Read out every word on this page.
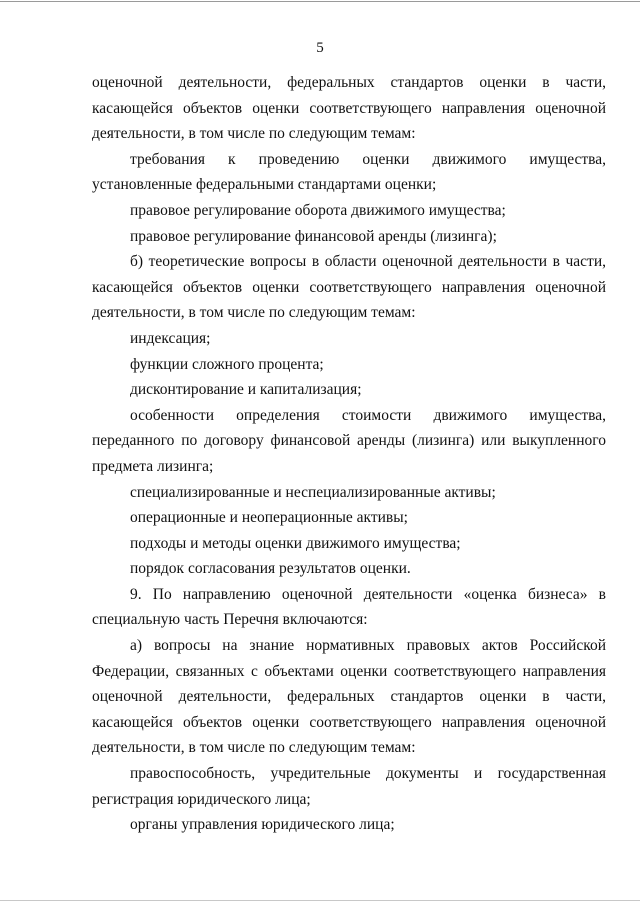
5

оценочной деятельности, федеральных стандартов оценки в части, касающейся объектов оценки соответствующего направления оценочной деятельности, в том числе по следующим темам:

требования к проведению оценки движимого имущества, установленные федеральными стандартами оценки;

правовое регулирование оборота движимого имущества;

правовое регулирование финансовой аренды (лизинга);

б) теоретические вопросы в области оценочной деятельности в части, касающейся объектов оценки соответствующего направления оценочной деятельности, в том числе по следующим темам:

индексация;

функции сложного процента;

дисконтирование и капитализация;

особенности определения стоимости движимого имущества, переданного по договору финансовой аренды (лизинга) или выкупленного предмета лизинга;

специализированные и неспециализированные активы;

операционные и неоперационные активы;

подходы и методы оценки движимого имущества;

порядок согласования результатов оценки.

9. По направлению оценочной деятельности «оценка бизнеса» в специальную часть Перечня включаются:

а) вопросы на знание нормативных правовых актов Российской Федерации, связанных с объектами оценки соответствующего направления оценочной деятельности, федеральных стандартов оценки в части, касающейся объектов оценки соответствующего направления оценочной деятельности, в том числе по следующим темам:

правоспособность, учредительные документы и государственная регистрация юридического лица;

органы управления юридического лица;
